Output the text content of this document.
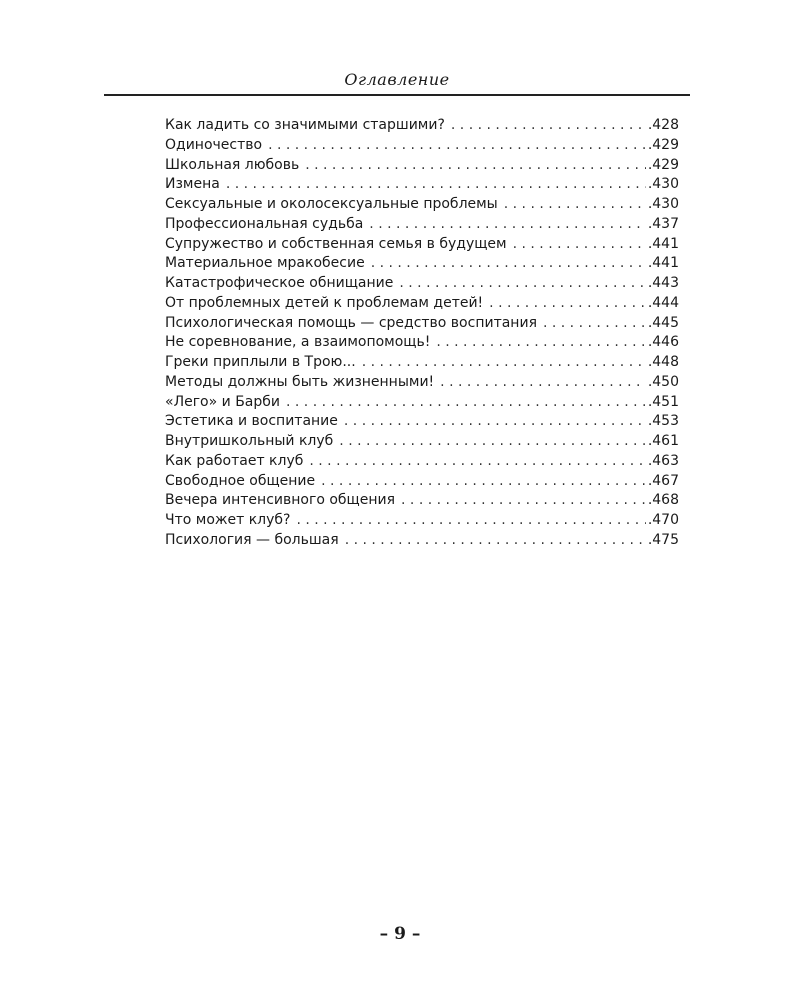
Оглавление
Как ладить со значимыми старшими? . . .	.428
Одиночество . . .	.429
Школьная любовь . . .	.429
Измена . . .	.430
Сексуальные и околосексуальные проблемы . . .	.430
Профессиональная судьба . . .	.437
Супружество и собственная семья в будущем . . .	.441
Материальное мракобесие . . .	.441
Катастрофическое обнищание . . .	.443
От проблемных детей к проблемам детей! . . .	.444
Психологическая помощь — средство воспитания . . .	.445
Не соревнование, а взаимопомощь! . . .	.446
Греки приплыли в Трою... . . .	.448
Методы должны быть жизненными! . . .	.450
«Лего» и Барби . . .	.451
Эстетика и воспитание . . .	.453
Внутришкольный клуб . . .	.461
Как работает клуб . . .	.463
Свободное общение . . .	.467
Вечера интенсивного общения . . .	.468
Что может клуб? . . .	.470
Психология — большая . . .	.475
– 9 –
